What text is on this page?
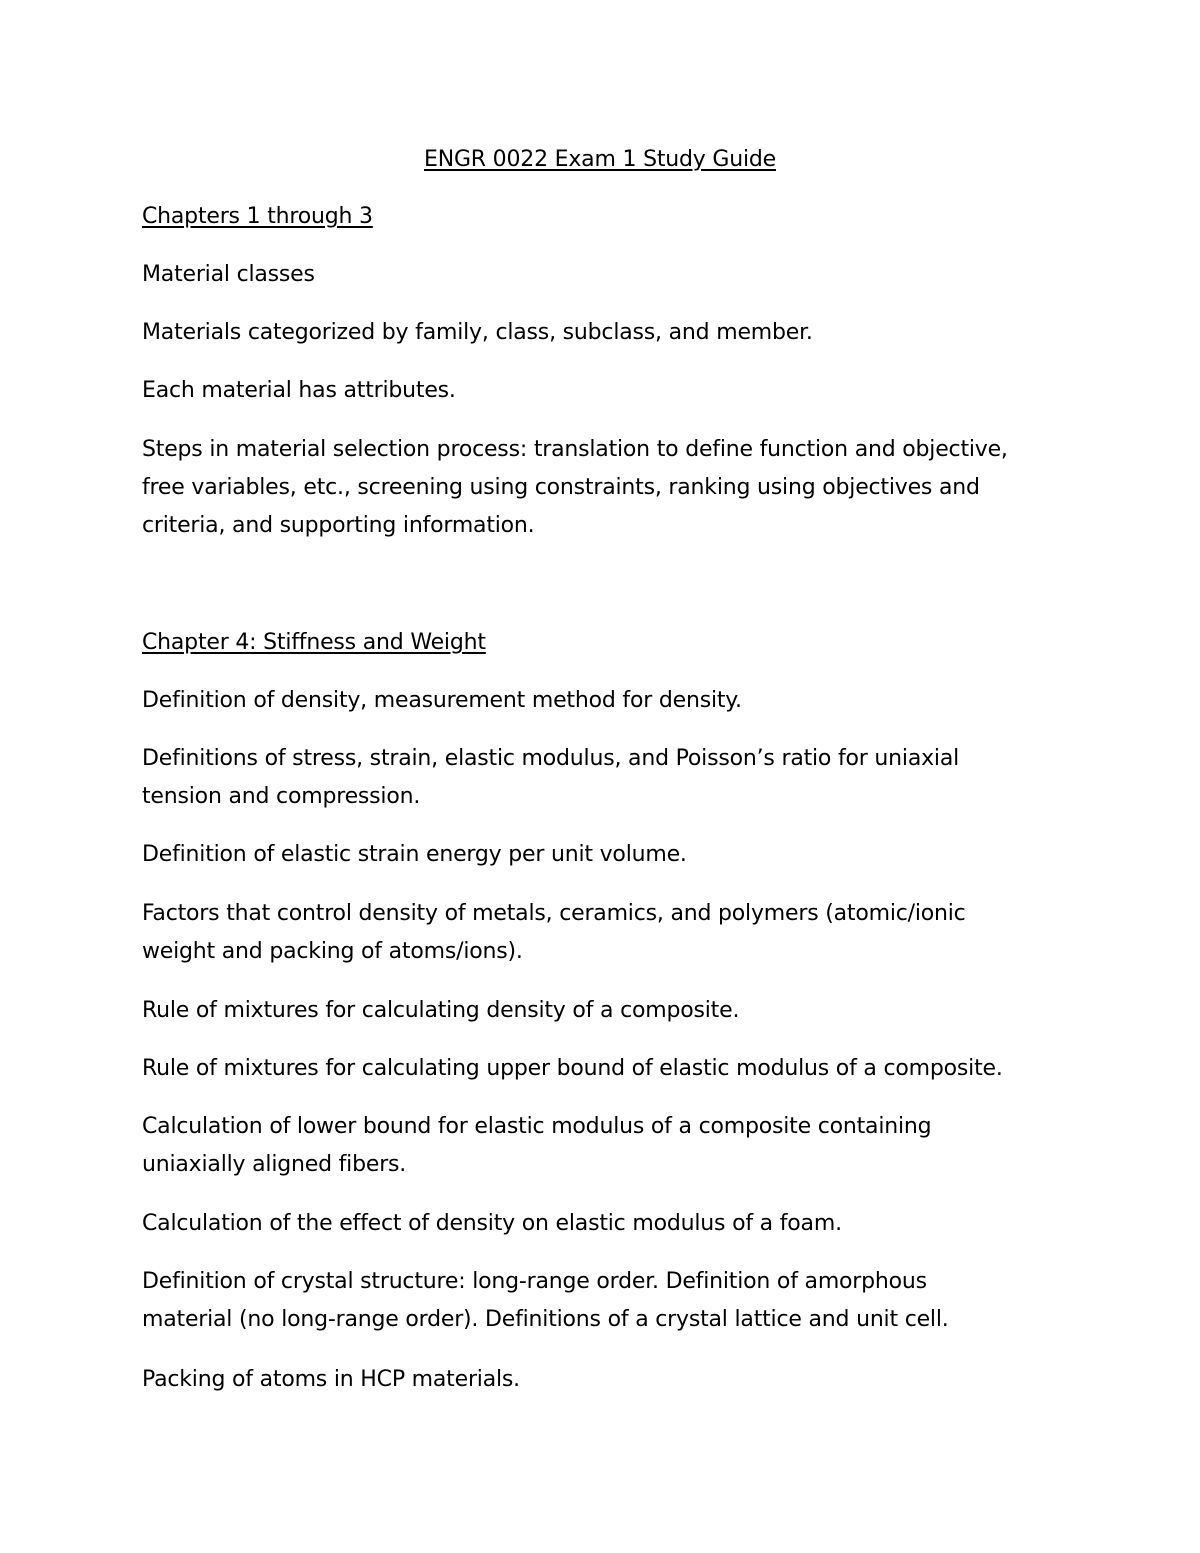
ENGR 0022 Exam 1 Study Guide
Chapters 1 through 3
Material classes
Materials categorized by family, class, subclass, and member.
Each material has attributes.
Steps in material selection process: translation to define function and objective,
free variables, etc., screening using constraints, ranking using objectives and
criteria, and supporting information.
Chapter 4: Stiffness and Weight
Definition of density, measurement method for density.
Definitions of stress, strain, elastic modulus, and Poisson’s ratio for uniaxial
tension and compression.
Definition of elastic strain energy per unit volume.
Factors that control density of metals, ceramics, and polymers (atomic/ionic
weight and packing of atoms/ions).
Rule of mixtures for calculating density of a composite.
Rule of mixtures for calculating upper bound of elastic modulus of a composite.
Calculation of lower bound for elastic modulus of a composite containing
uniaxially aligned fibers.
Calculation of the effect of density on elastic modulus of a foam.
Definition of crystal structure: long-range order. Definition of amorphous
material (no long-range order). Definitions of a crystal lattice and unit cell.
Packing of atoms in HCP materials.
